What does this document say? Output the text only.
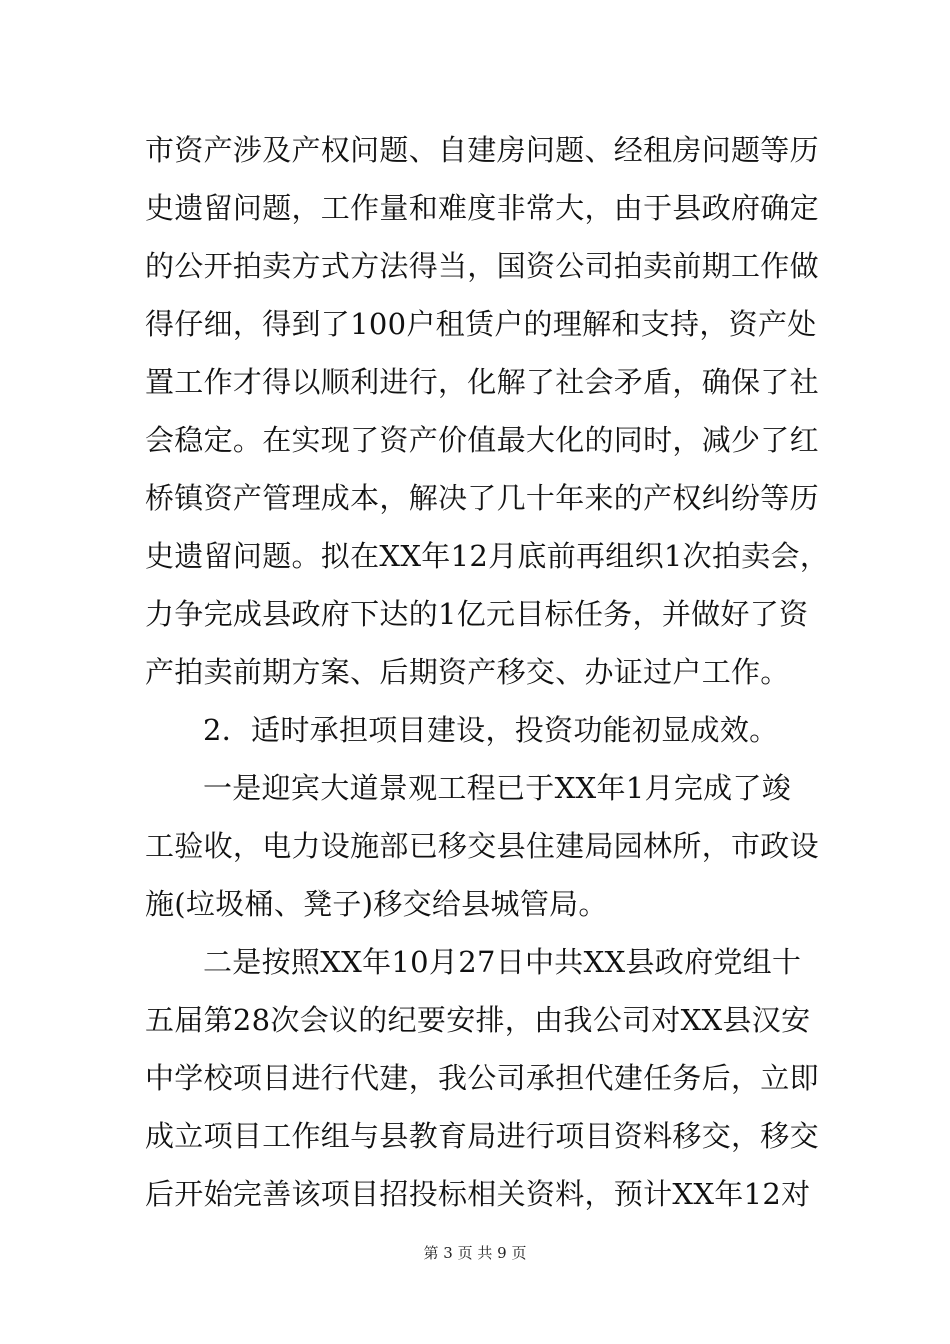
市资产涉及产权问题、自建房问题、经租房问题等历
史遗留问题，工作量和难度非常大，由于县政府确定
的公开拍卖方式方法得当，国资公司拍卖前期工作做
得仔细，得到了100户租赁户的理解和支持，资产处
置工作才得以顺利进行，化解了社会矛盾，确保了社
会稳定。在实现了资产价值最大化的同时，减少了红
桥镇资产管理成本，解决了几十年来的产权纠纷等历
史遗留问题。拟在XX年12月底前再组织1次拍卖会，
力争完成县政府下达的1亿元目标任务，并做好了资
产拍卖前期方案、后期资产移交、办证过户工作。
2．适时承担项目建设，投资功能初显成效。
一是迎宾大道景观工程已于XX年1月完成了竣
工验收，电力设施部已移交县住建局园林所，市政设
施(垃圾桶、凳子)移交给县城管局。
二是按照XX年10月27日中共XX县政府党组十
五届第28次会议的纪要安排，由我公司对XX县汉安
中学校项目进行代建，我公司承担代建任务后，立即
成立项目工作组与县教育局进行项目资料移交，移交
后开始完善该项目招投标相关资料，预计XX年12对
第 3 页 共 9 页
